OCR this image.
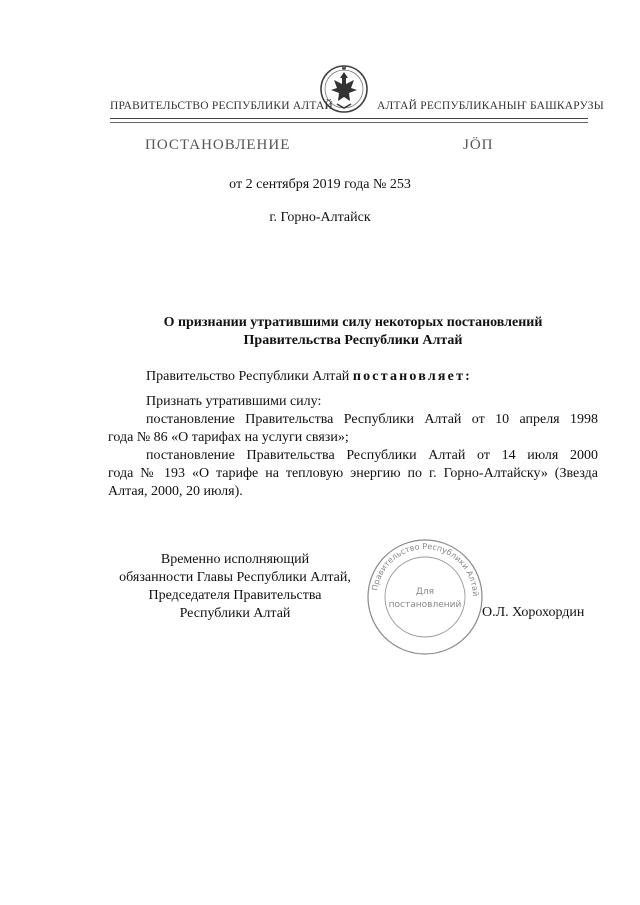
ПРАВИТЕЛЬСТВО РЕСПУБЛИКИ АЛТАЙ	АЛТАЙ РЕСПУБЛИКАНЫҤ БАШКАРУЗЫ
ПОСТАНОВЛЕНИЕ	JÖП
от 2 сентября 2019 года № 253
г. Горно-Алтайск
О признании утратившими силу некоторых постановлений
Правительства Республики Алтай
Правительство Республики Алтай постановляет:
Признать утратившими силу:
постановление Правительства Республики Алтай от 10 апреля 1998
года № 86 «О тарифах на услуги связи»;
постановление Правительства Республики Алтай от 14 июля 2000
года № 193 «О тарифе на тепловую энергию по г. Горно-Алтайску» (Звезда
Алтая, 2000, 20 июля).
Временно исполняющий
обязанности Главы Республики Алтай,
Председателя Правительства
Республики Алтай
Правительство Республики Алтай
Для
постановлений О.Л. Хорохордин
